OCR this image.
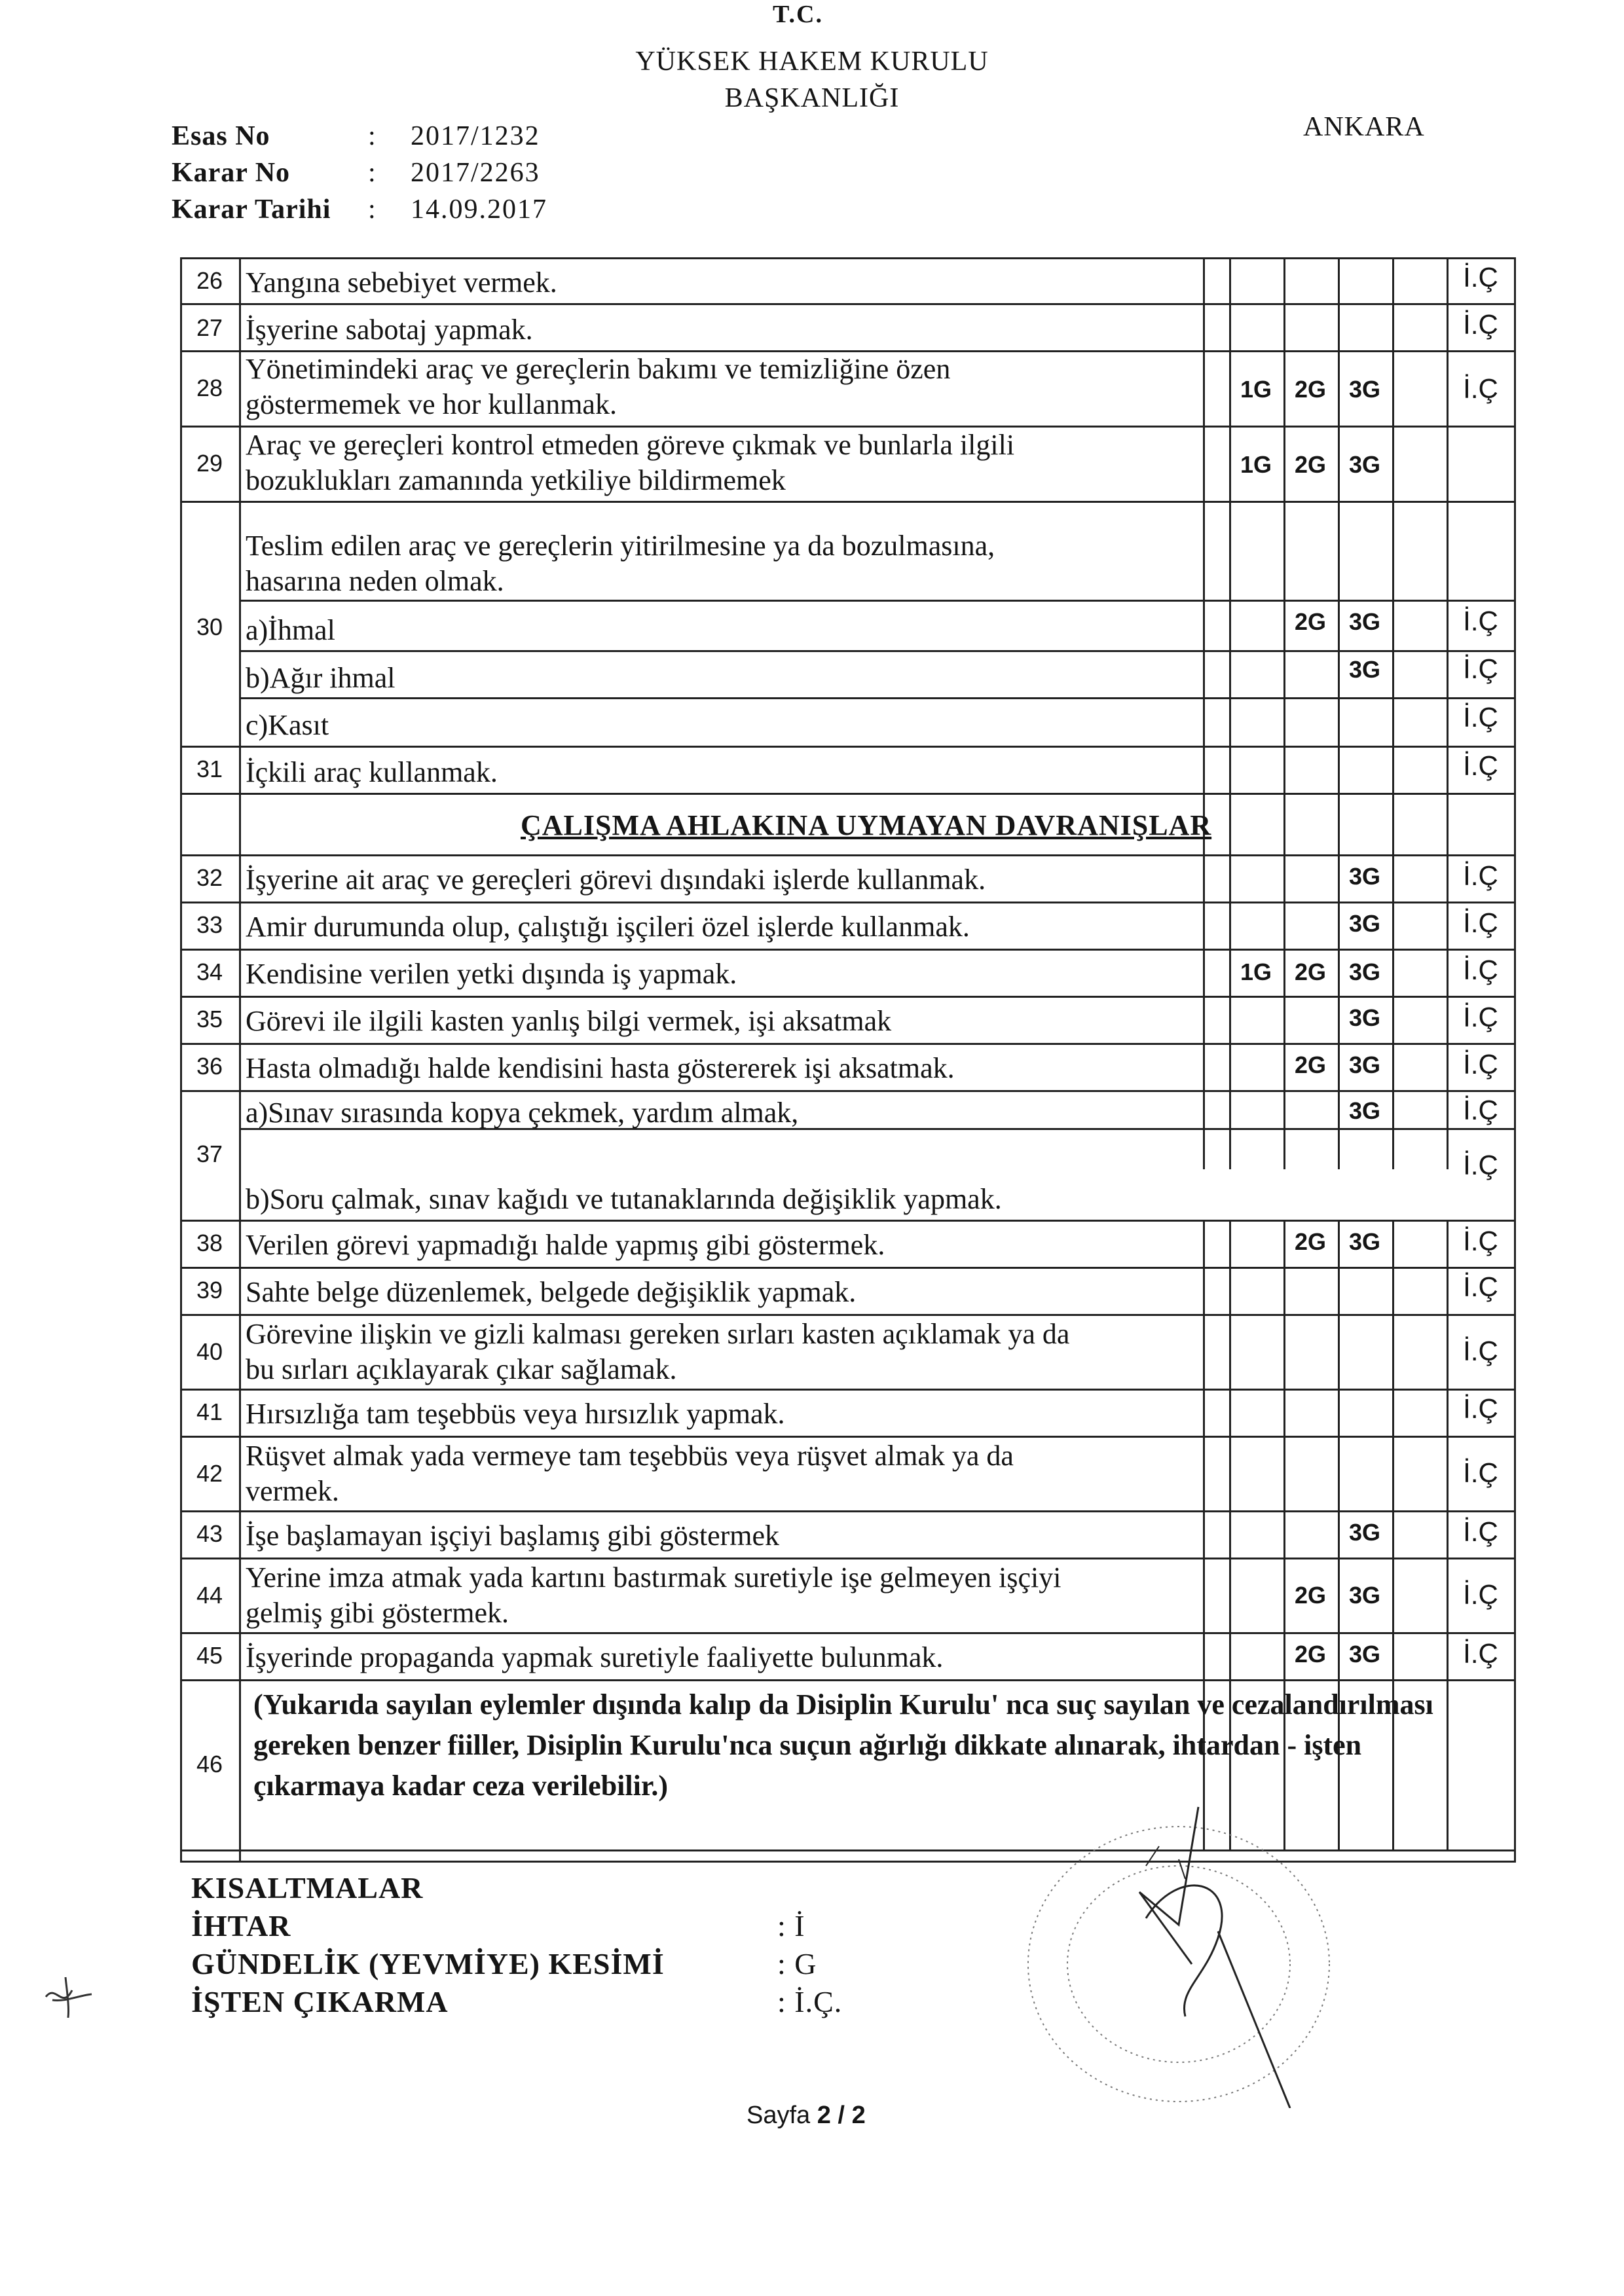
T.C.
YÜKSEK HAKEM KURULU
BAŞKANLIĞI
ANKARA
Esas No	:	2017/1232
Karar No	:	2017/2263
Karar Tarihi	:	14.09.2017
26 Yangına sebebiyet vermek.	İ.Ç
27 İşyerine sabotaj yapmak.	İ.Ç
28
Yönetimindeki araç ve gereçlerin bakımı ve temizliğine özen
göstermemek ve hor kullanmak.	1G 2G 3G	İ.Ç
29
Araç ve gereçleri kontrol etmeden göreve çıkmak ve bunlarla ilgili
bozuklukları zamanında yetkiliye bildirmemek	1G 2G 3G
30
Teslim edilen araç ve gereçlerin yitirilmesine ya da bozulmasına,
hasarına neden olmak.
a)İhmal	2G 3G	İ.Ç
b)Ağır ihmal	3G	İ.Ç
c)Kasıt	İ.Ç
31 İçkili araç kullanmak.	İ.Ç
ÇALIŞMA AHLAKINA UYMAYAN DAVRANIŞLAR
32 İşyerine ait araç ve gereçleri görevi dışındaki işlerde kullanmak.	3G	İ.Ç
33 Amir durumunda olup, çalıştığı işçileri özel işlerde kullanmak.	3G	İ.Ç
34 Kendisine verilen yetki dışında iş yapmak.	1G 2G 3G	İ.Ç
35 Görevi ile ilgili kasten yanlış bilgi vermek, işi aksatmak	3G	İ.Ç
36 Hasta olmadığı halde kendisini hasta göstererek işi aksatmak.	2G 3G	İ.Ç
37
a)Sınav sırasında kopya çekmek, yardım almak,	3G	İ.Ç
b)Soru çalmak, sınav kağıdı ve tutanaklarında değişiklik yapmak.
İ.Ç
38 Verilen görevi yapmadığı halde yapmış gibi göstermek.	2G 3G	İ.Ç
39 Sahte belge düzenlemek, belgede değişiklik yapmak.	İ.Ç
40
Görevine ilişkin ve gizli kalması gereken sırları kasten açıklamak ya da
bu sırları açıklayarak çıkar sağlamak.
İ.Ç
41 Hırsızlığa tam teşebbüs veya hırsızlık yapmak.	İ.Ç
42
Rüşvet almak yada vermeye tam teşebbüs veya rüşvet almak ya da
vermek.
İ.Ç
43 İşe başlamayan işçiyi başlamış gibi göstermek	3G	İ.Ç
44
Yerine imza atmak yada kartını bastırmak suretiyle işe gelmeyen işçiyi
gelmiş gibi göstermek.
2G 3G	İ.Ç
45 İşyerinde propaganda yapmak suretiyle faaliyette bulunmak.	2G 3G	İ.Ç
46
(Yukarıda sayılan eylemler dışında kalıp da Disiplin Kurulu' nca suç sayılan ve cezalandırılması gereken benzer fiiller, Disiplin Kurulu'nca suçun ağırlığı dikkate alınarak, ihtardan - işten çıkarmaya kadar ceza verilebilir.)
KISALTMALAR
İHTAR	: İ
GÜNDELİK (YEVMİYE) KESİMİ	: G
İŞTEN ÇIKARMA	: İ.Ç.
Sayfa 2 / 2
